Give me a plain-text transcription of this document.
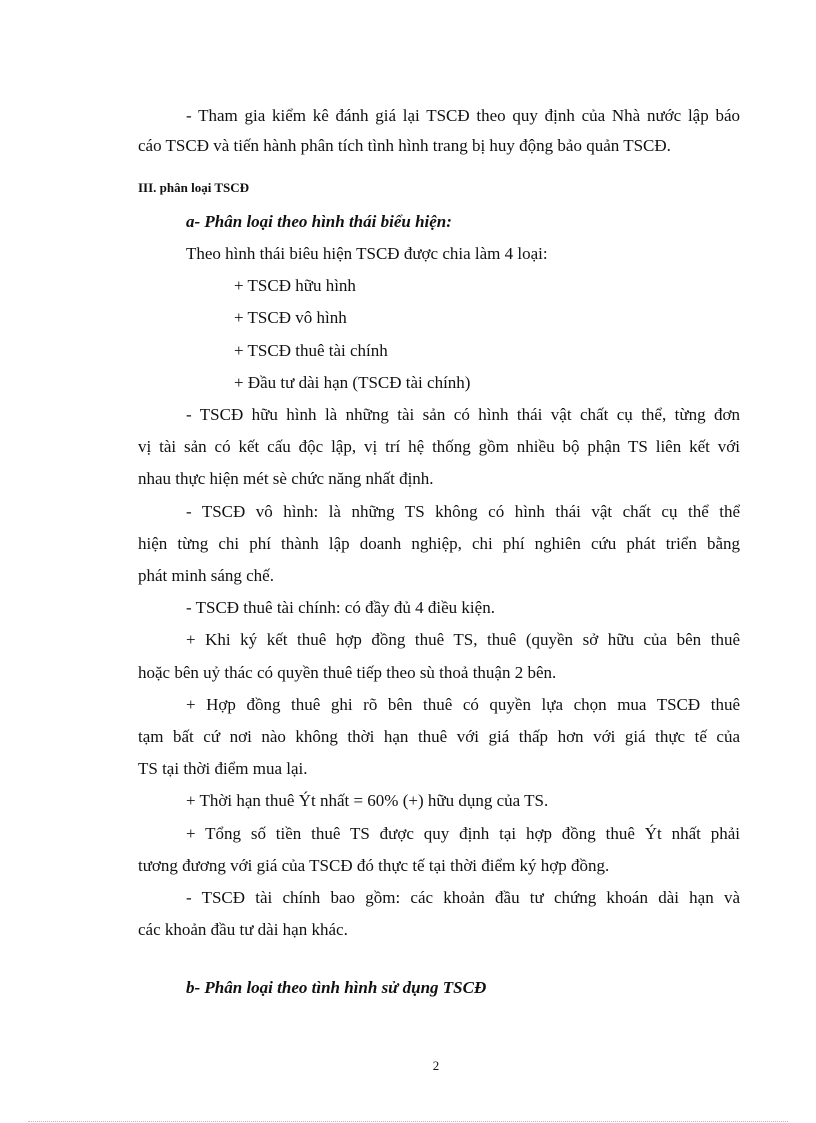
- Tham gia kiểm kê đánh giá lại TSCĐ theo quy định của Nhà nước lập báo
cáo TSCĐ và tiến hành phân tích tình hình trang bị huy động bảo quản TSCĐ.
III. phân loại TSCĐ
a- Phân loại theo hình thái biểu hiện:
Theo hình thái biêu hiện TSCĐ được chia làm 4 loại:
+ TSCĐ hữu hình
+ TSCĐ vô hình
+ TSCĐ thuê tài chính
+ Đầu tư dài hạn (TSCĐ tài chính)
- TSCĐ hữu hình là những tài sản có hình thái vật chất cụ thể, từng đơn
vị tài sản có kết cấu độc lập, vị trí hệ thống gồm nhiều bộ phận TS liên kết với
nhau thực hiện mét sè chức năng nhất định.
- TSCĐ vô hình: là những TS không có hình thái vật chất cụ thể thể
hiện từng chi phí thành lập doanh nghiệp, chi phí nghiên cứu phát triển bằng
phát minh sáng chế.
- TSCĐ thuê tài chính: có đầy đủ 4 điều kiện.
+ Khi ký kết thuê hợp đồng thuê TS, thuê (quyền sở hữu của bên thuê
hoặc bên uỷ thác có quyền thuê tiếp theo sù thoả thuận 2 bên.
+ Hợp đồng thuê ghi rõ bên thuê có quyền lựa chọn mua TSCĐ thuê
tạm bất cứ nơi nào không thời hạn thuê với giá thấp hơn với giá thực tế của
TS tại thời điểm mua lại.
+ Thời hạn thuê Ýt nhất = 60% (+) hữu dụng của TS.
+ Tổng số tiền thuê TS được quy định tại hợp đồng thuê Ýt nhất phải
tương đương với giá của TSCĐ đó thực tế tại thời điểm ký hợp đồng.
- TSCĐ tài chính bao gồm: các khoản đầu tư chứng khoán dài hạn và
các khoản đầu tư dài hạn khác.
b- Phân loại theo tình hình sử dụng TSCĐ
2
